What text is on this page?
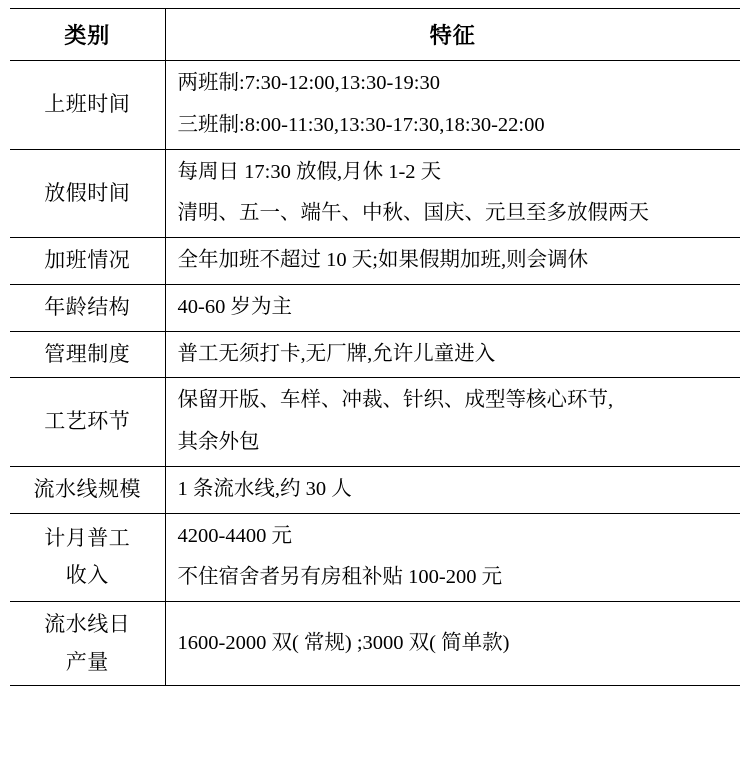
类别	特征

上班时间	两班制:7:30-12:00,13:30-19:30
三班制:8:00-11:30,13:30-17:30,18:30-22:00

放假时间	每周日 17:30 放假,月休 1-2 天
清明、五一、端午、中秋、国庆、元旦至多放假两天

加班情况	全年加班不超过 10 天;如果假期加班,则会调休

年龄结构	40-60 岁为主

管理制度	普工无须打卡,无厂牌,允许儿童进入

工艺环节	保留开版、车样、冲裁、针织、成型等核心环节,
其余外包

流水线规模	1 条流水线,约 30 人

计月普工
收入	4200-4400 元
不住宿舍者另有房租补贴 100-200 元

流水线日
产量	1600-2000 双( 常规) ;3000 双( 简单款)
